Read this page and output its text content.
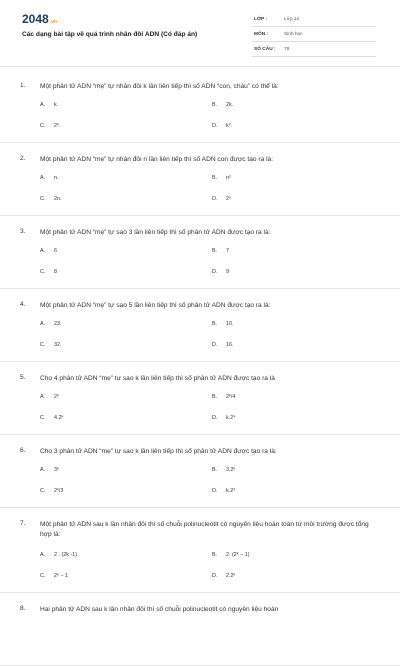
2048.vn
Các dạng bài tập về quá trình nhân đôi ADN (Có đáp án)
LỚP :	Lớp 12
MÔN :	Sinh học
SỐ CÂU : 78
1. Một phân tử ADN “mẹ” tự nhân đôi k lần liên tiếp thì số ADN “con, cháu” có thể là:
A. k.	B. 2k.
C. 2ᵏ.	D. k².
2. Một phân tử ADN “mẹ” tự nhân đôi n lần liên tiếp thì số ADN con được tạo ra là:
A. n.	B. n²
C. 2n.	D. 2ⁿ
3. Một phân tử ADN “mẹ” tự sao 3 lần liên tiếp thì số phân tử ADN được tạo ra là:
A. 6	B. 7
C. 8	D. 9
4. Một phân tử ADN “mẹ” tự sao 5 lần liên tiếp thì số phân tử ADN được tạo ra là:
A. 23.	B. 10.
C. 32.	D. 16.
5. Cho 4 phân tử ADN “mẹ” tự sao k lần liên tiếp thì số phân tử ADN được tạo ra là
A. 2ᵏ	B. 2ᵏ/4
C. 4.2ᵏ	D. k.2⁴
6. Cho 3 phân tử ADN “mẹ” tự sao k lần liên tiếp thì số phân tử ADN được tạo ra là:
A. 3ᵏ	B. 3.2ᵏ
C. 2ᵏ/3	D. k.2³
7. Một phân tử ADN sau k lần nhân đôi thì số chuỗi polinucleotit có nguyên liệu hoàn toàn từ môi trường được tổng hợp là:
A. 2 . (2k -1).	B. 2. (2ᵏ − 1)
C. 2ᵏ − 1	D. 2.2ᵏ
8. Hai phân tử ADN sau k lần nhân đôi thì số chuỗi polinucleotit có nguyên liệu hoàn
